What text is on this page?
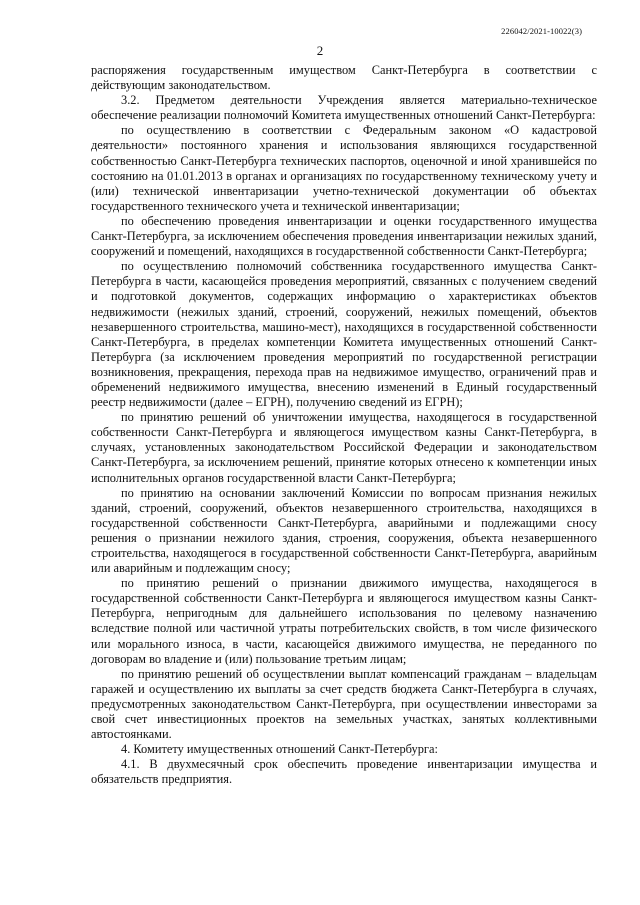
226042/2021-10022(3)
2

распоряжения государственным имуществом Санкт-Петербурга в соответствии с действующим законодательством.

3.2. Предметом деятельности Учреждения является материально-техническое обеспечение реализации полномочий Комитета имущественных отношений Санкт-Петербурга:

по осуществлению в соответствии с Федеральным законом «О кадастровой деятельности» постоянного хранения и использования являющихся государственной собственностью Санкт-Петербурга технических паспортов, оценочной и иной хранившейся по состоянию на 01.01.2013 в органах и организациях по государственному техническому учету и (или) технической инвентаризации учетно-технической документации об объектах государственного технического учета и технической инвентаризации;

по обеспечению проведения инвентаризации и оценки государственного имущества Санкт-Петербурга, за исключением обеспечения проведения инвентаризации нежилых зданий, сооружений и помещений, находящихся в государственной собственности Санкт-Петербурга;

по осуществлению полномочий собственника государственного имущества Санкт-Петербурга в части, касающейся проведения мероприятий, связанных с получением сведений и подготовкой документов, содержащих информацию о характеристиках объектов недвижимости (нежилых зданий, строений, сооружений, нежилых помещений, объектов незавершенного строительства, машино-мест), находящихся в государственной собственности Санкт-Петербурга, в пределах компетенции Комитета имущественных отношений Санкт-Петербурга (за исключением проведения мероприятий по государственной регистрации возникновения, прекращения, перехода прав на недвижимое имущество, ограничений прав и обременений недвижимого имущества, внесению изменений в Единый государственный реестр недвижимости (далее – ЕГРН), получению сведений из ЕГРН);

по принятию решений об уничтожении имущества, находящегося в государственной собственности Санкт-Петербурга и являющегося имуществом казны Санкт-Петербурга, в случаях, установленных законодательством Российской Федерации и законодательством Санкт-Петербурга, за исключением решений, принятие которых отнесено к компетенции иных исполнительных органов государственной власти Санкт-Петербурга;

по принятию на основании заключений Комиссии по вопросам признания нежилых зданий, строений, сооружений, объектов незавершенного строительства, находящихся в государственной собственности Санкт-Петербурга, аварийными и подлежащими сносу решения о признании нежилого здания, строения, сооружения, объекта незавершенного строительства, находящегося в государственной собственности Санкт-Петербурга, аварийным или аварийным и подлежащим сносу;

по принятию решений о признании движимого имущества, находящегося в государственной собственности Санкт-Петербурга и являющегося имуществом казны Санкт-Петербурга, непригодным для дальнейшего использования по целевому назначению вследствие полной или частичной утраты потребительских свойств, в том числе физического или морального износа, в части, касающейся движимого имущества, не переданного по договорам во владение и (или) пользование третьим лицам;

по принятию решений об осуществлении выплат компенсаций гражданам – владельцам гаражей и осуществлению их выплаты за счет средств бюджета Санкт-Петербурга в случаях, предусмотренных законодательством Санкт-Петербурга, при осуществлении инвесторами за свой счет инвестиционных проектов на земельных участках, занятых коллективными автостоянками.

4. Комитету имущественных отношений Санкт-Петербурга:

4.1. В двухмесячный срок обеспечить проведение инвентаризации имущества и обязательств предприятия.
